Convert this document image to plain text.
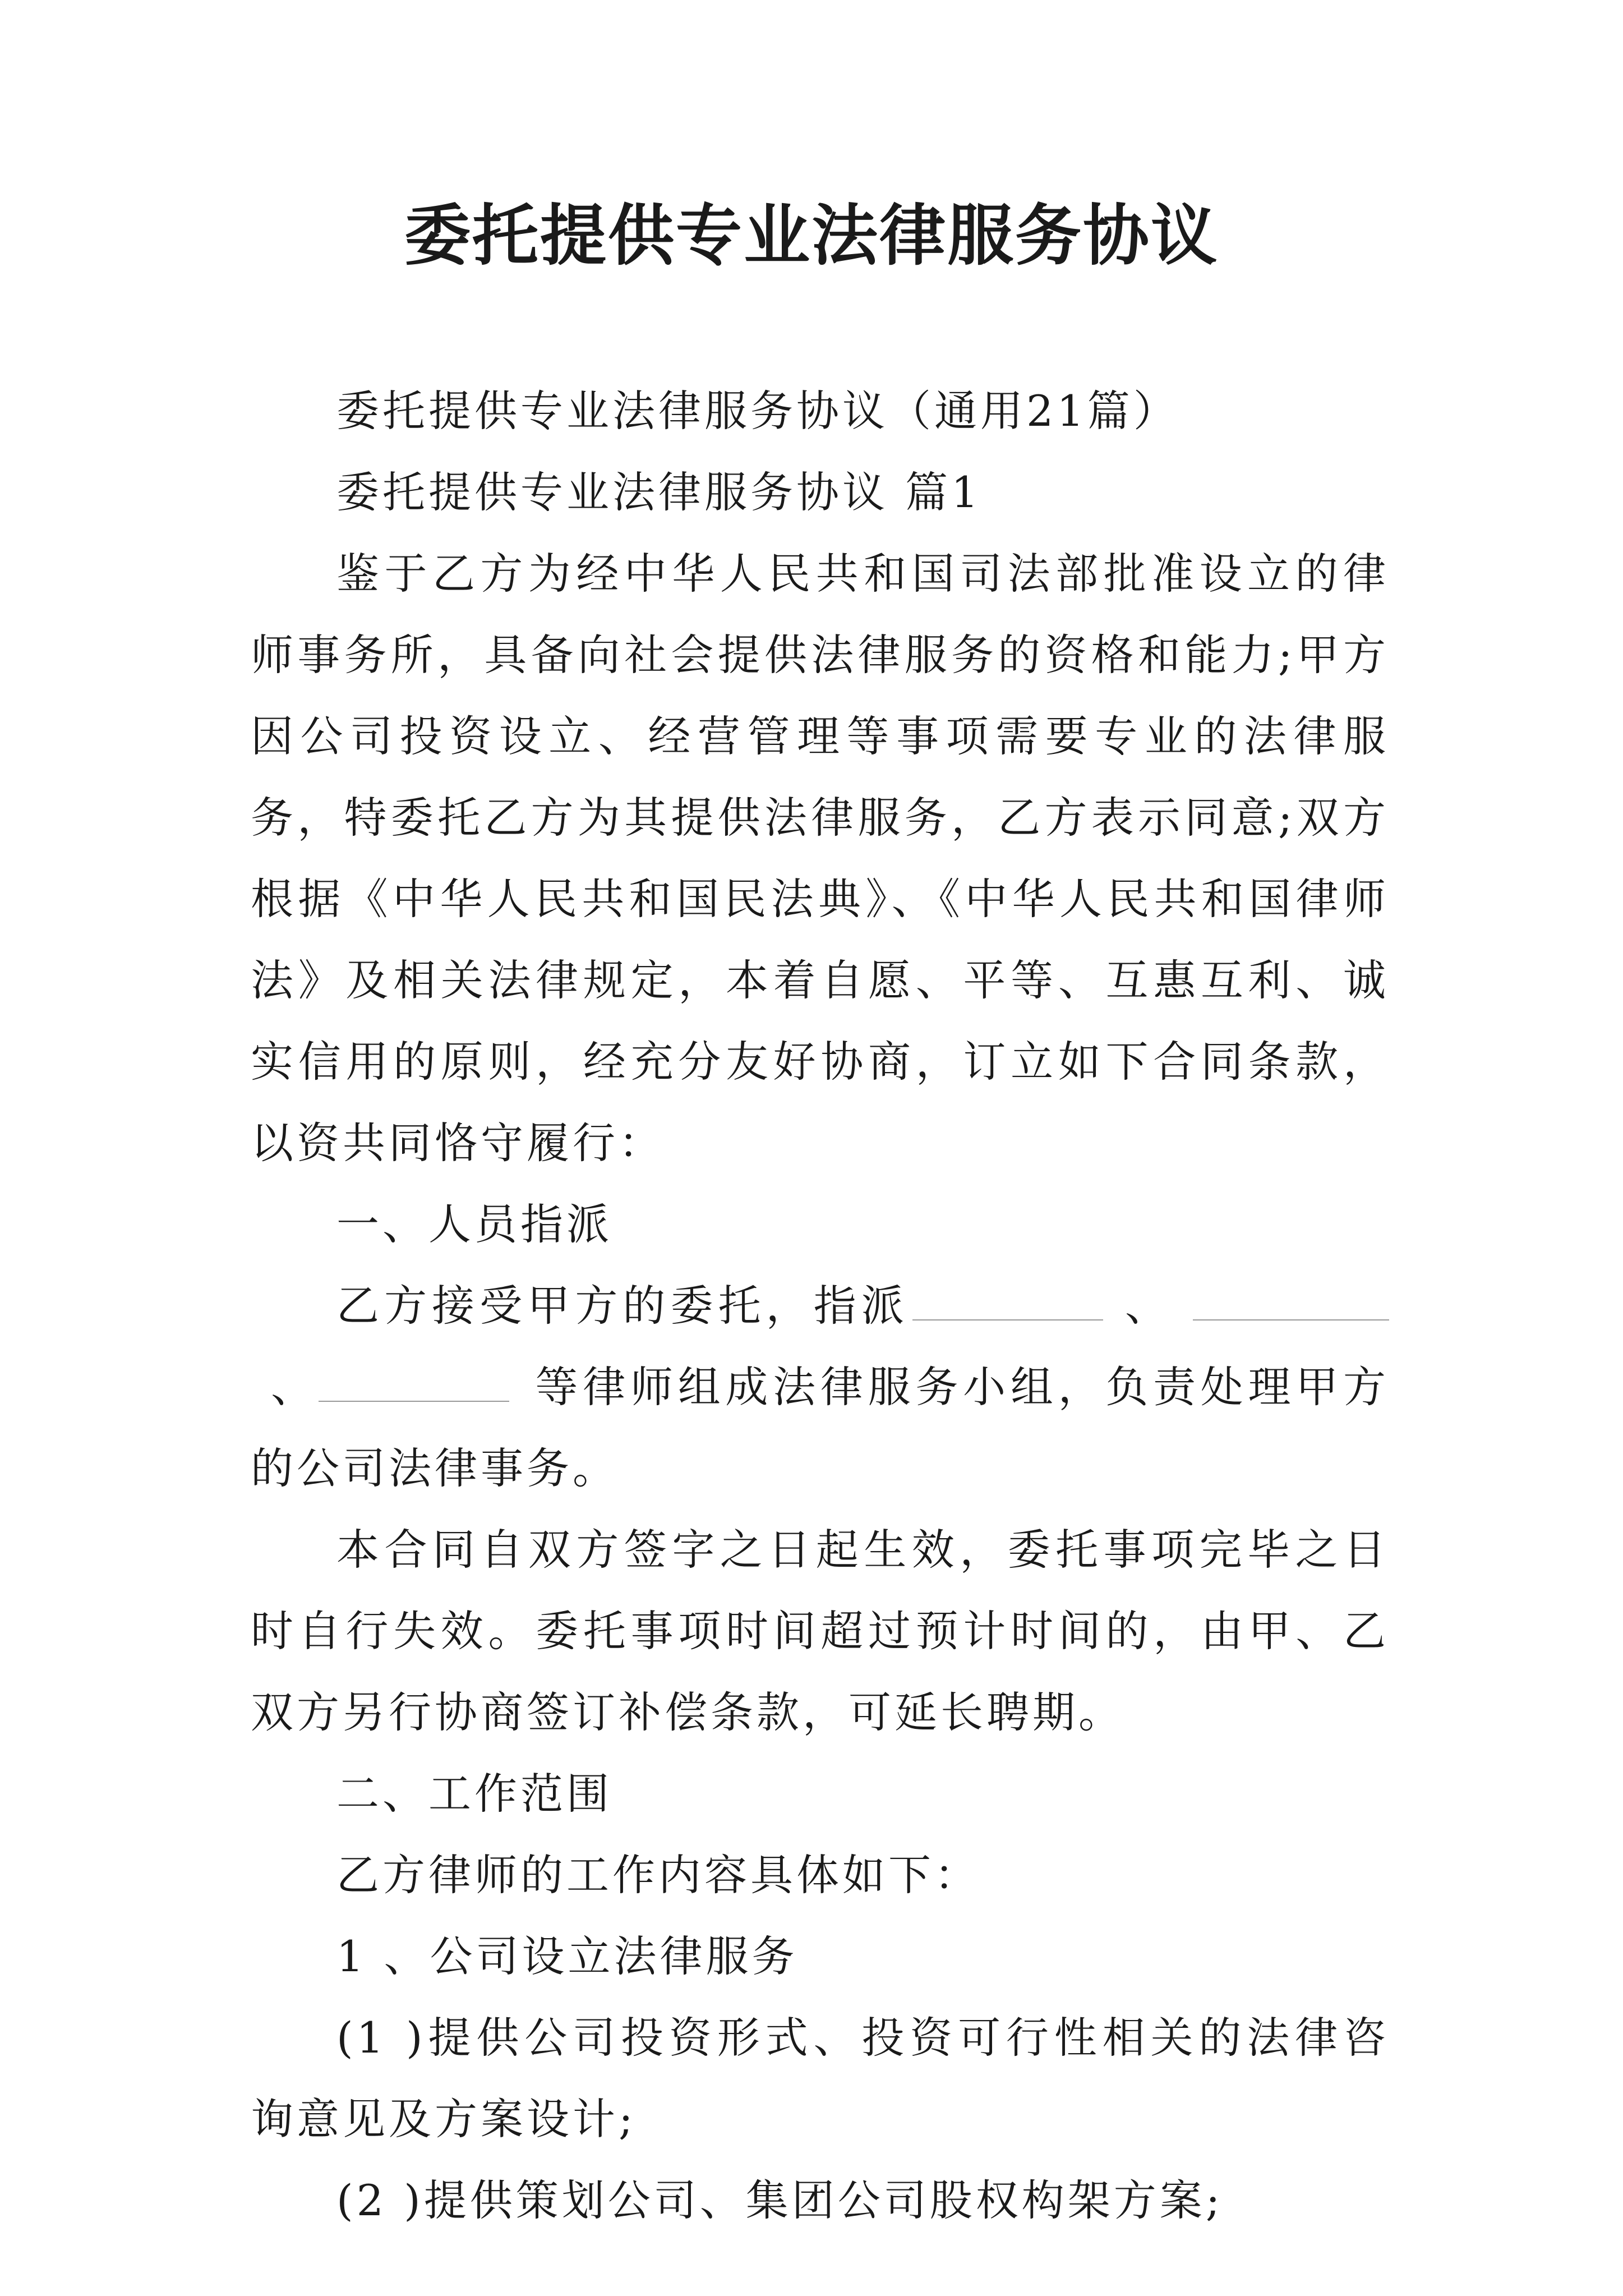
委托提供专业法律服务协议

委托提供专业法律服务协议（通用21篇）

委托提供专业法律服务协议 篇1

鉴于乙方为经中华人民共和国司法部批准设立的律师事务所，具备向社会提供法律服务的资格和能力;甲方因公司投资设立、经营管理等事项需要专业的法律服务，特委托乙方为其提供法律服务，乙方表示同意;双方根据《中华人民共和国民法典》、《中华人民共和国律师法》及相关法律规定，本着自愿、平等、互惠互利、诚实信用的原则，经充分友好协商，订立如下合同条款，以资共同恪守履行：

一、人员指派

乙方接受甲方的委托，指派	、、	等律师组成法律服务小组，负责处理甲方的公司法律事务。

本合同自双方签字之日起生效，委托事项完毕之日时自行失效。委托事项时间超过预计时间的，由甲、乙双方另行协商签订补偿条款，可延长聘期。

二、工作范围

乙方律师的工作内容具体如下：

1 、公司设立法律服务

(1 )提供公司投资形式、投资可行性相关的法律咨询意见及方案设计;

(2 )提供策划公司、集团公司股权构架方案;
